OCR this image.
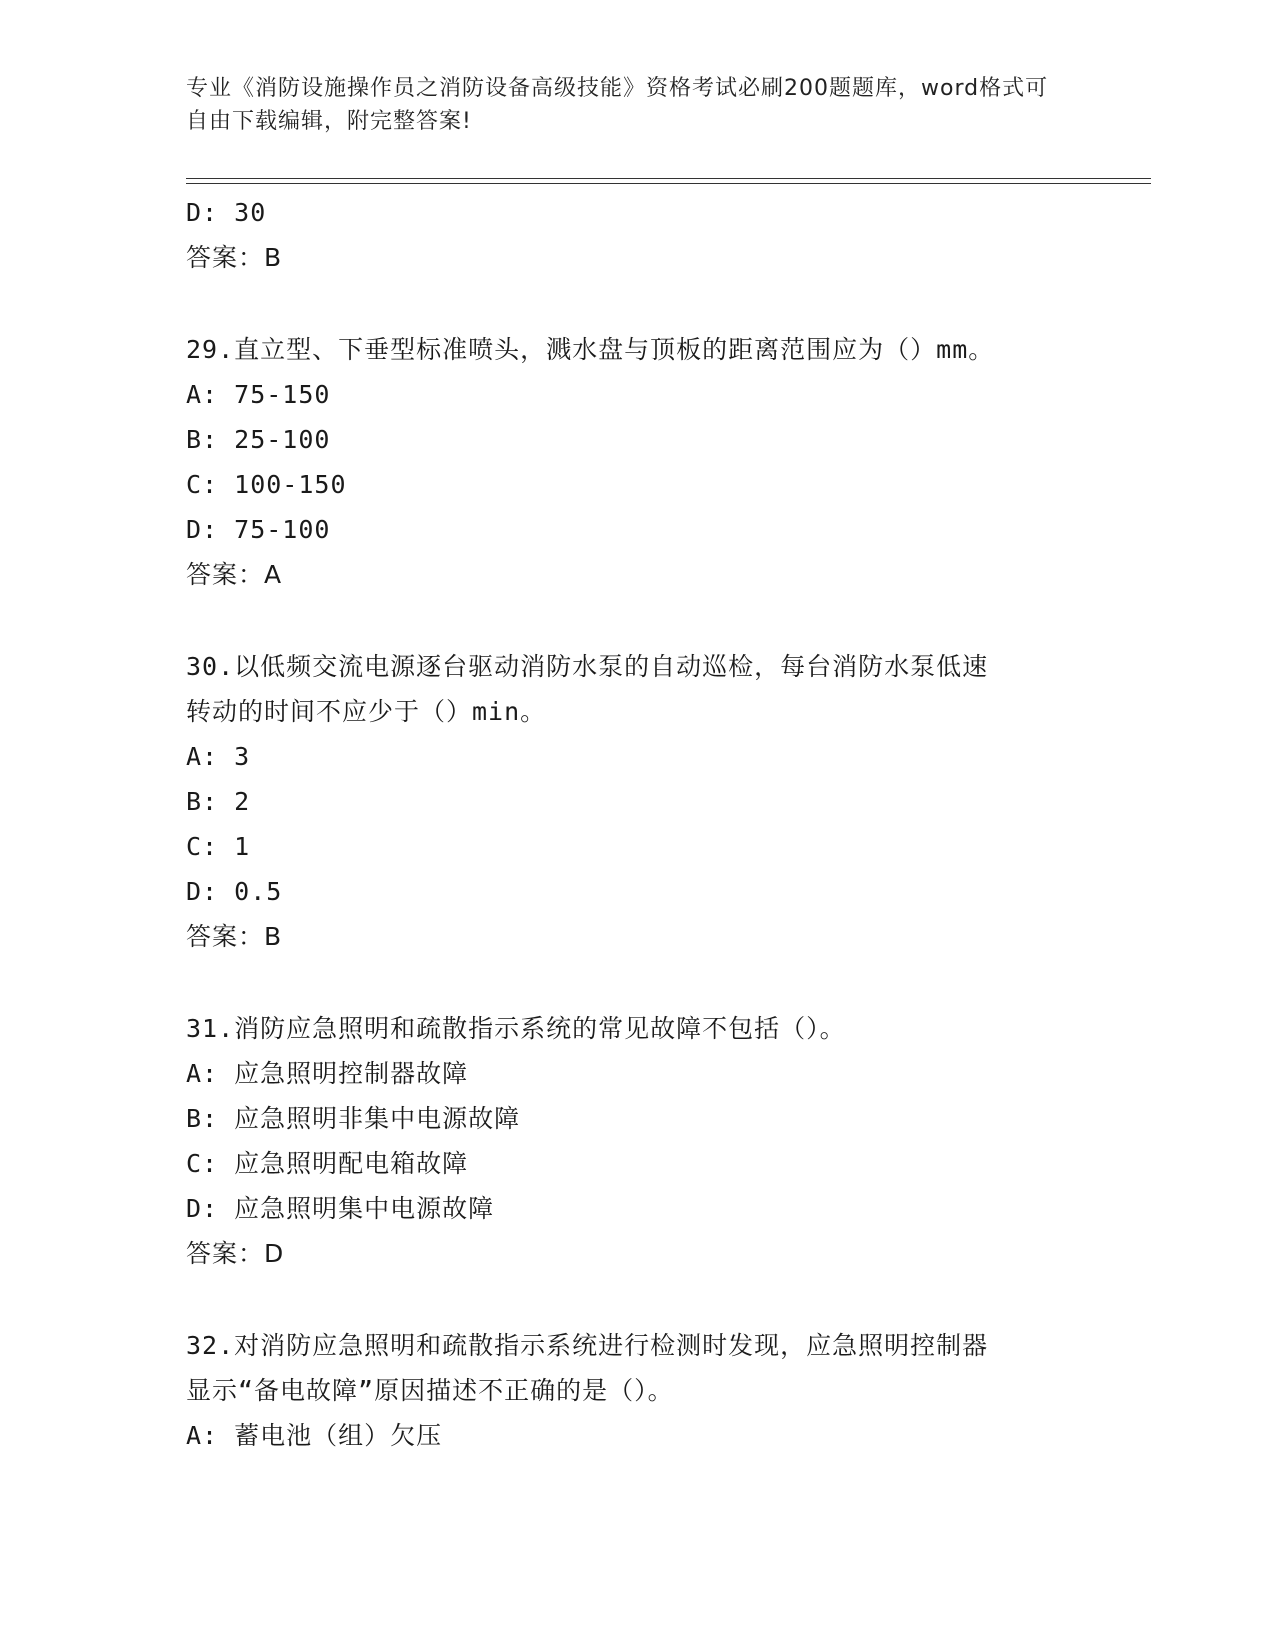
专业《消防设施操作员之消防设备高级技能》资格考试必刷200题题库，word格式可自由下载编辑，附完整答案!
D: 30
答案：B
29.直立型、下垂型标准喷头，溅水盘与顶板的距离范围应为（）mm。
A: 75-150
B: 25-100
C: 100-150
D: 75-100
答案：A
30.以低频交流电源逐台驱动消防水泵的自动巡检，每台消防水泵低速
转动的时间不应少于（）min。
A: 3
B: 2
C: 1
D: 0.5
答案：B
31.消防应急照明和疏散指示系统的常见故障不包括（）。
A: 应急照明控制器故障
B: 应急照明非集中电源故障
C: 应急照明配电箱故障
D: 应急照明集中电源故障
答案：D
32.对消防应急照明和疏散指示系统进行检测时发现，应急照明控制器
显示“备电故障”原因描述不正确的是（）。
A: 蓄电池（组）欠压
